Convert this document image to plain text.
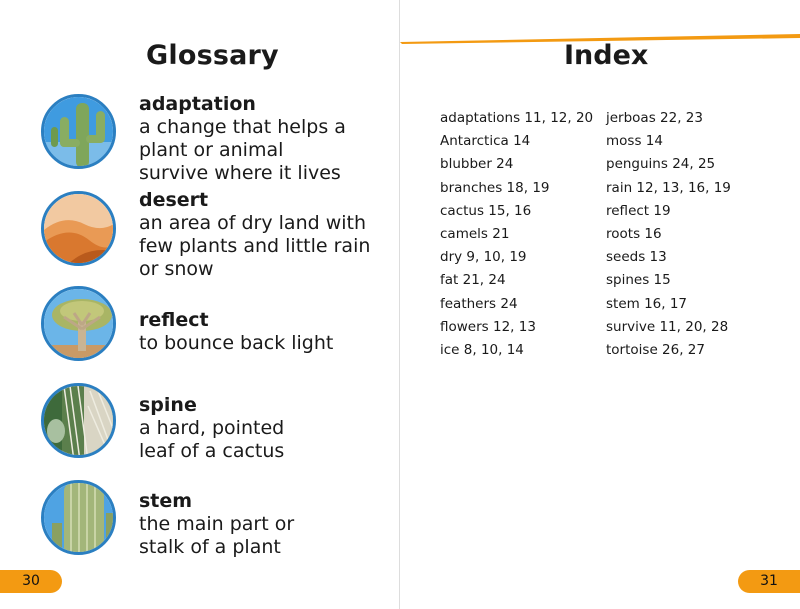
Glossary
adaptation
a change that helps a plant or animal survive where it lives
desert
an area of dry land with few plants and little rain or snow
reflect
to bounce back light
spine
a hard, pointed leaf of a cactus
stem
the main part or stalk of a plant
Index
adaptations 11, 12, 20
Antarctica 14
blubber 24
branches 18, 19
cactus 15, 16
camels 21
dry 9, 10, 19
fat 21, 24
feathers 24
flowers 12, 13
ice 8, 10, 14
jerboas 22, 23
moss 14
penguins 24, 25
rain 12, 13, 16, 19
reflect 19
roots 16
seeds 13
spines 15
stem 16, 17
survive 11, 20, 28
tortoise 26, 27
30	31
